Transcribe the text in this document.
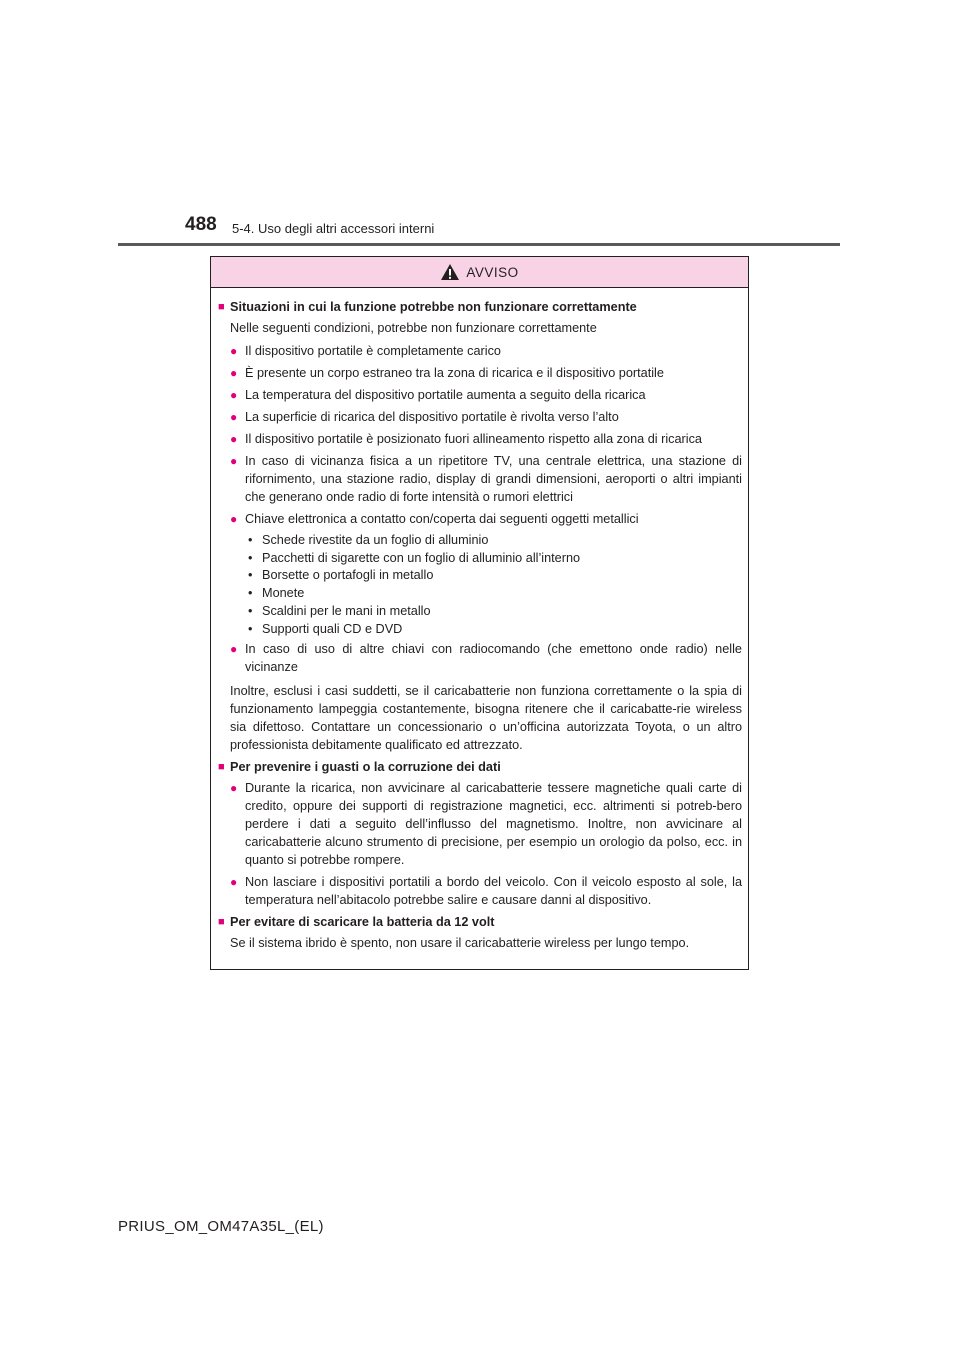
488 5-4. Uso degli altri accessori interni
AVVISO
■ Situazioni in cui la funzione potrebbe non funzionare correttamente
Nelle seguenti condizioni, potrebbe non funzionare correttamente
● Il dispositivo portatile è completamente carico
● È presente un corpo estraneo tra la zona di ricarica e il dispositivo portatile
● La temperatura del dispositivo portatile aumenta a seguito della ricarica
● La superficie di ricarica del dispositivo portatile è rivolta verso l’alto
● Il dispositivo portatile è posizionato fuori allineamento rispetto alla zona di ricarica
● In caso di vicinanza fisica a un ripetitore TV, una centrale elettrica, una stazione di rifornimento, una stazione radio, display di grandi dimensioni, aeroporti o altri impianti che generano onde radio di forte intensità o rumori elettrici
● Chiave elettronica a contatto con/coperta dai seguenti oggetti metallici
• Schede rivestite da un foglio di alluminio
• Pacchetti di sigarette con un foglio di alluminio all’interno
• Borsette o portafogli in metallo
• Monete
• Scaldini per le mani in metallo
• Supporti quali CD e DVD
● In caso di uso di altre chiavi con radiocomando (che emettono onde radio) nelle vicinanze
Inoltre, esclusi i casi suddetti, se il caricabatterie non funziona correttamente o la spia di funzionamento lampeggia costantemente, bisogna ritenere che il caricabatte-rie wireless sia difettoso. Contattare un concessionario o un’officina autorizzata Toyota, o un altro professionista debitamente qualificato ed attrezzato.
■ Per prevenire i guasti o la corruzione dei dati
● Durante la ricarica, non avvicinare al caricabatterie tessere magnetiche quali carte di credito, oppure dei supporti di registrazione magnetici, ecc. altrimenti si potreb-bero perdere i dati a seguito dell’influsso del magnetismo. Inoltre, non avvicinare al caricabatterie alcuno strumento di precisione, per esempio un orologio da polso, ecc. in quanto si potrebbe rompere.
● Non lasciare i dispositivi portatili a bordo del veicolo. Con il veicolo esposto al sole, la temperatura nell’abitacolo potrebbe salire e causare danni al dispositivo.
■ Per evitare di scaricare la batteria da 12 volt
Se il sistema ibrido è spento, non usare il caricabatterie wireless per lungo tempo.
PRIUS_OM_OM47A35L_(EL)
